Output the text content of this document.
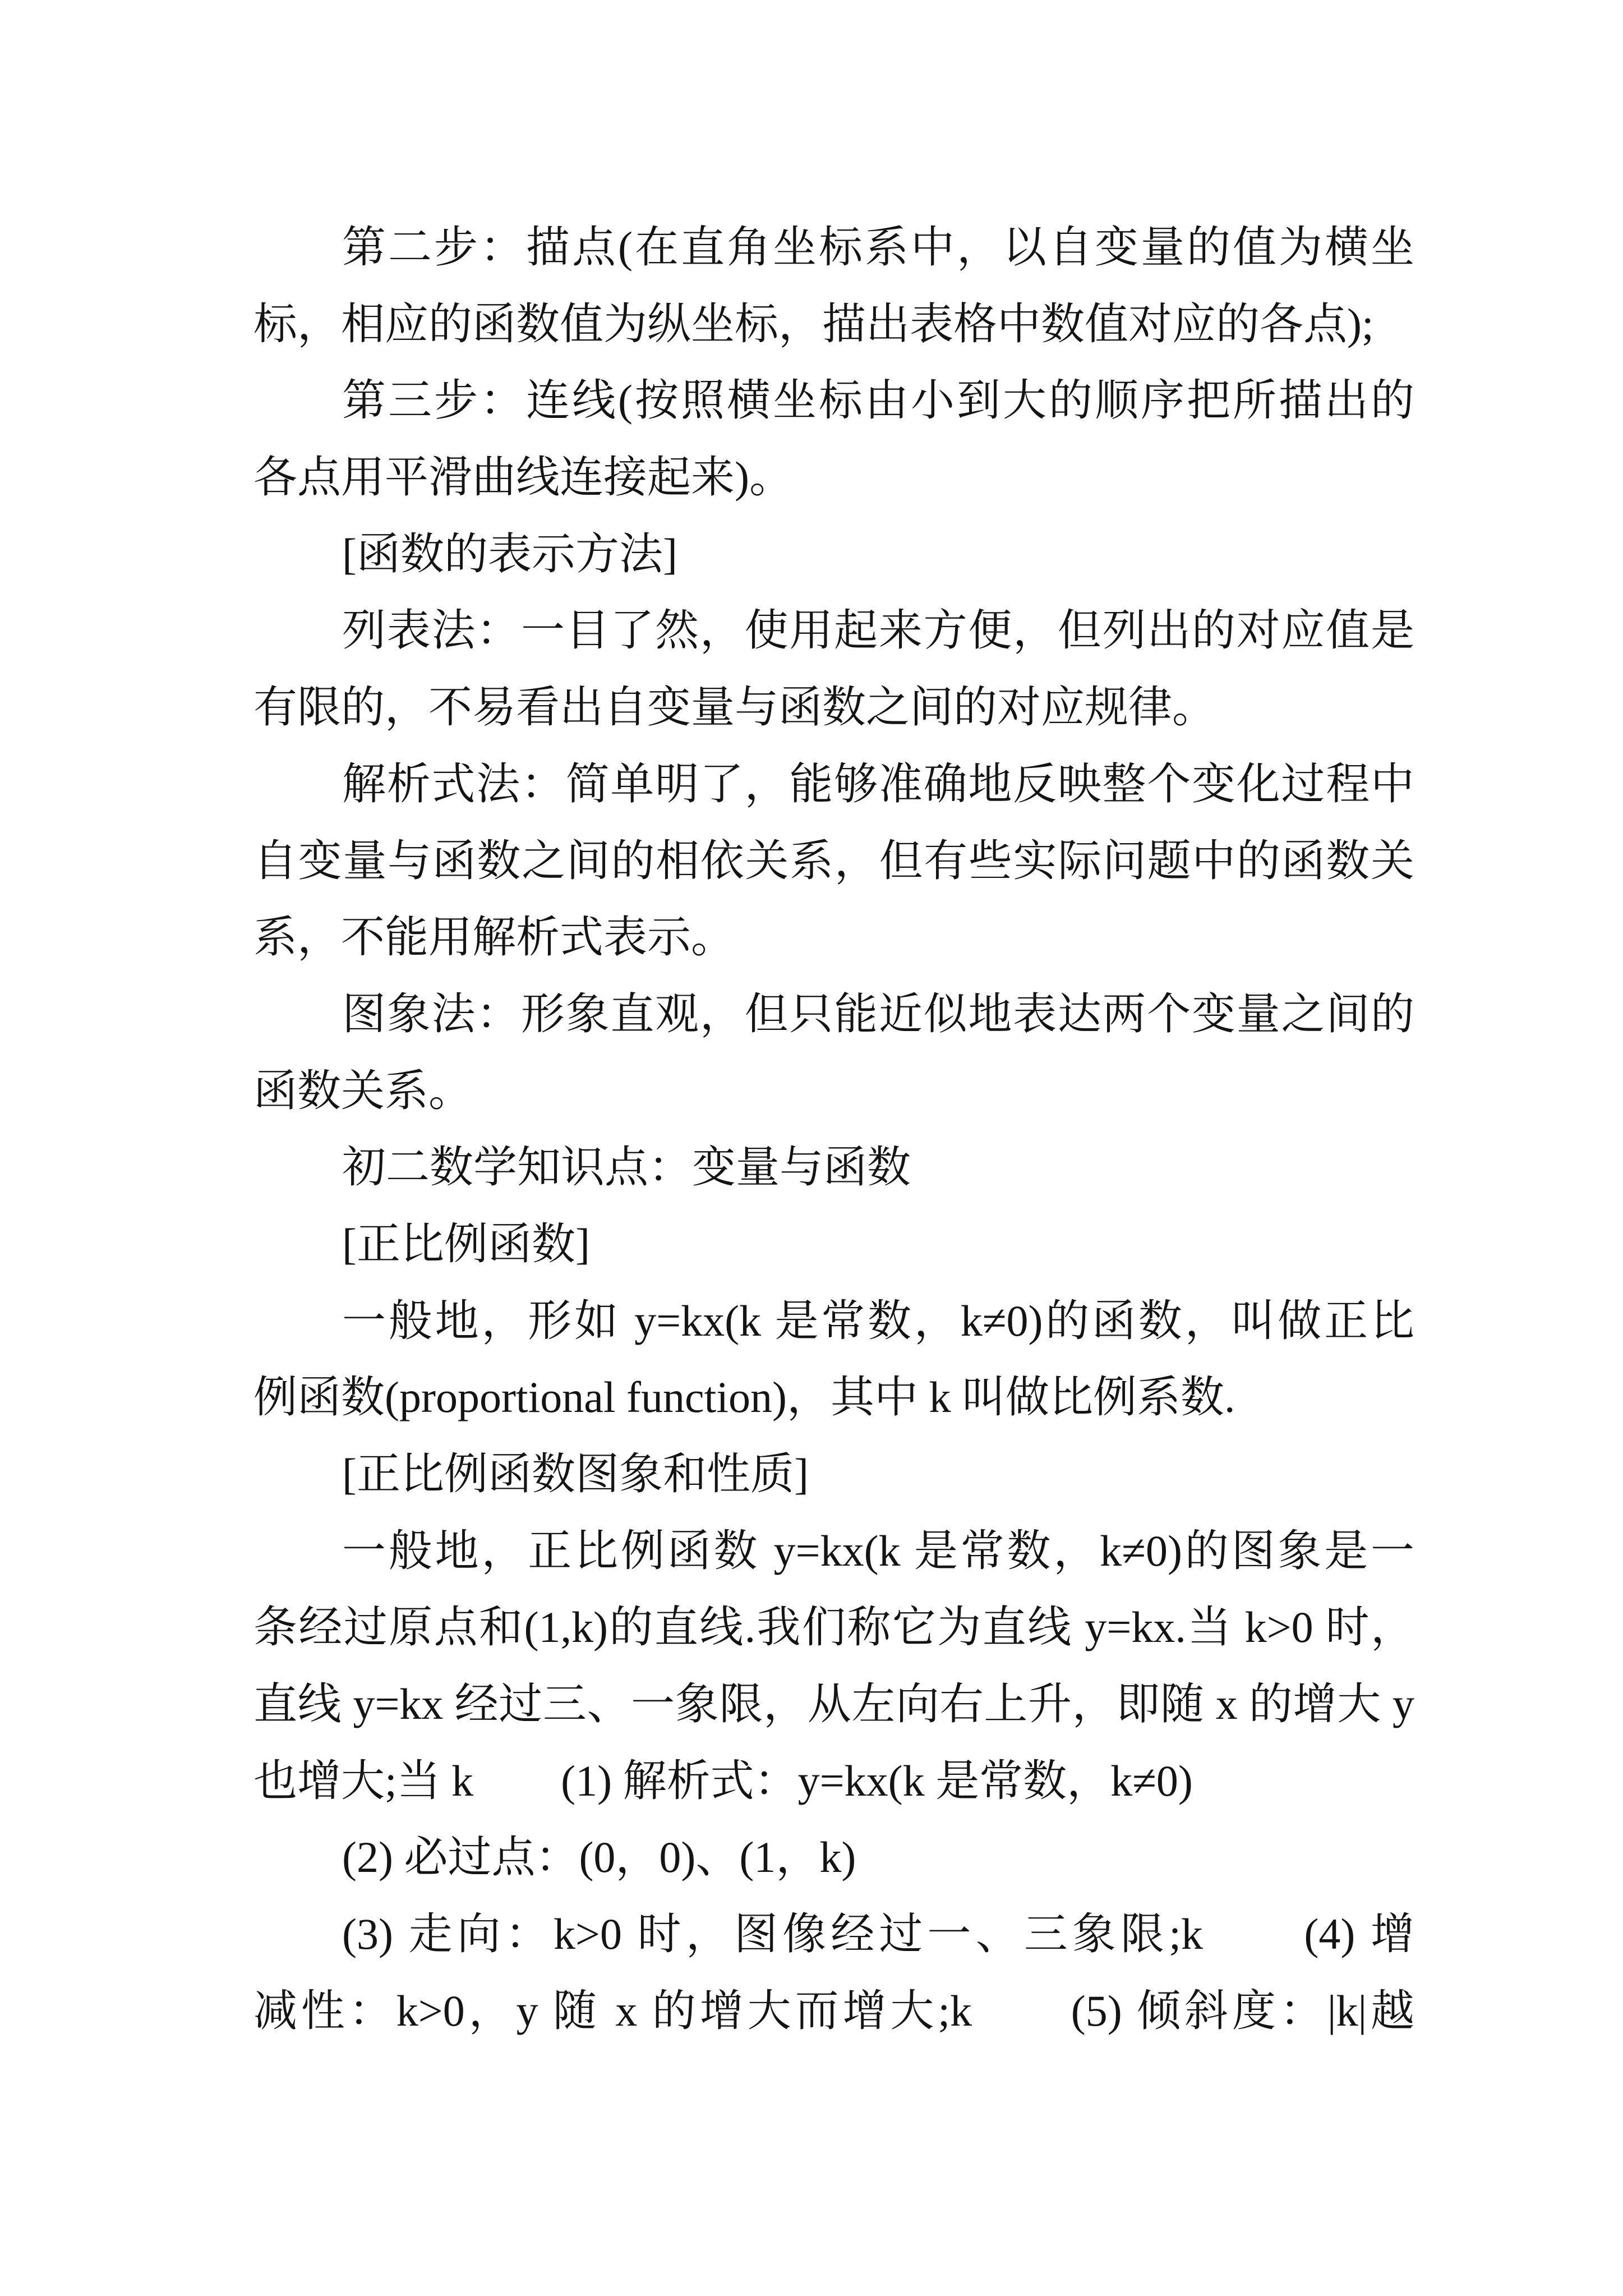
第二步：描点(在直角坐标系中，以自变量的值为横坐
标，相应的函数值为纵坐标，描出表格中数值对应的各点);
第三步：连线(按照横坐标由小到大的顺序把所描出的
各点用平滑曲线连接起来)。
[函数的表示方法]
列表法：一目了然，使用起来方便，但列出的对应值是
有限的，不易看出自变量与函数之间的对应规律。
解析式法：简单明了，能够准确地反映整个变化过程中
自变量与函数之间的相依关系，但有些实际问题中的函数关
系，不能用解析式表示。
图象法：形象直观，但只能近似地表达两个变量之间的
函数关系。
初二数学知识点：变量与函数
[正比例函数]
一般地，形如 y=kx(k 是常数，k≠0)的函数，叫做正比
例函数(proportional function)，其中 k 叫做比例系数.
[正比例函数图象和性质]
一般地，正比例函数 y=kx(k 是常数，k≠0)的图象是一
条经过原点和(1,k)的直线.我们称它为直线 y=kx.当 k>0 时，
直线 y=kx 经过三、一象限，从左向右上升，即随 x 的增大 y
也增大;当 k　　(1) 解析式：y=kx(k 是常数，k≠0)
(2) 必过点：(0，0)、(1，k)
(3) 走向：k>0 时，图像经过一、三象限;k　　(4) 增
减性：k>0，y 随 x 的增大而增大;k　　(5) 倾斜度：|k|越
